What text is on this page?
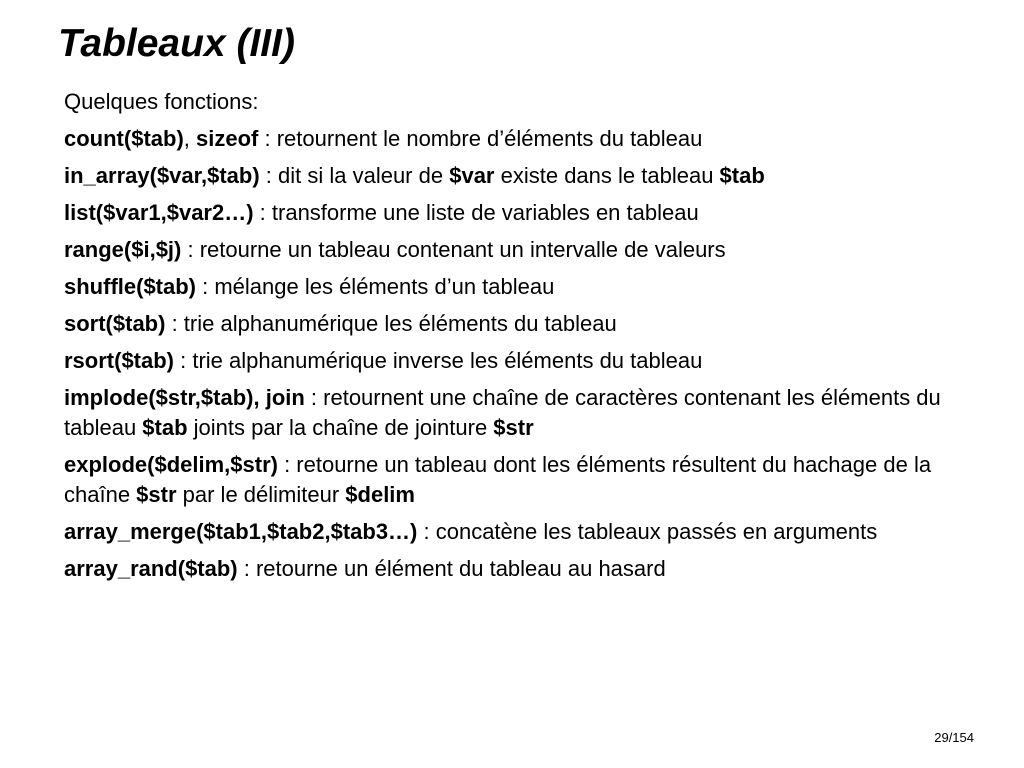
Tableaux (III)
Quelques fonctions:
count($tab), sizeof : retournent le nombre d’éléments du tableau
in_array($var,$tab) : dit si la valeur de $var existe dans le tableau $tab
list($var1,$var2…) : transforme une liste de variables en tableau
range($i,$j) : retourne un tableau contenant un intervalle de valeurs
shuffle($tab) : mélange les éléments d’un tableau
sort($tab) : trie alphanumérique les éléments du tableau
rsort($tab) : trie alphanumérique inverse les éléments du tableau
implode($str,$tab), join : retournent une chaîne de caractères contenant les éléments du tableau $tab joints par la chaîne de jointure $str
explode($delim,$str) : retourne un tableau dont les éléments résultent du hachage de la chaîne $str par le délimiteur $delim
array_merge($tab1,$tab2,$tab3…) : concatène les tableaux passés en arguments
array_rand($tab) : retourne un élément du tableau au hasard
29/154
